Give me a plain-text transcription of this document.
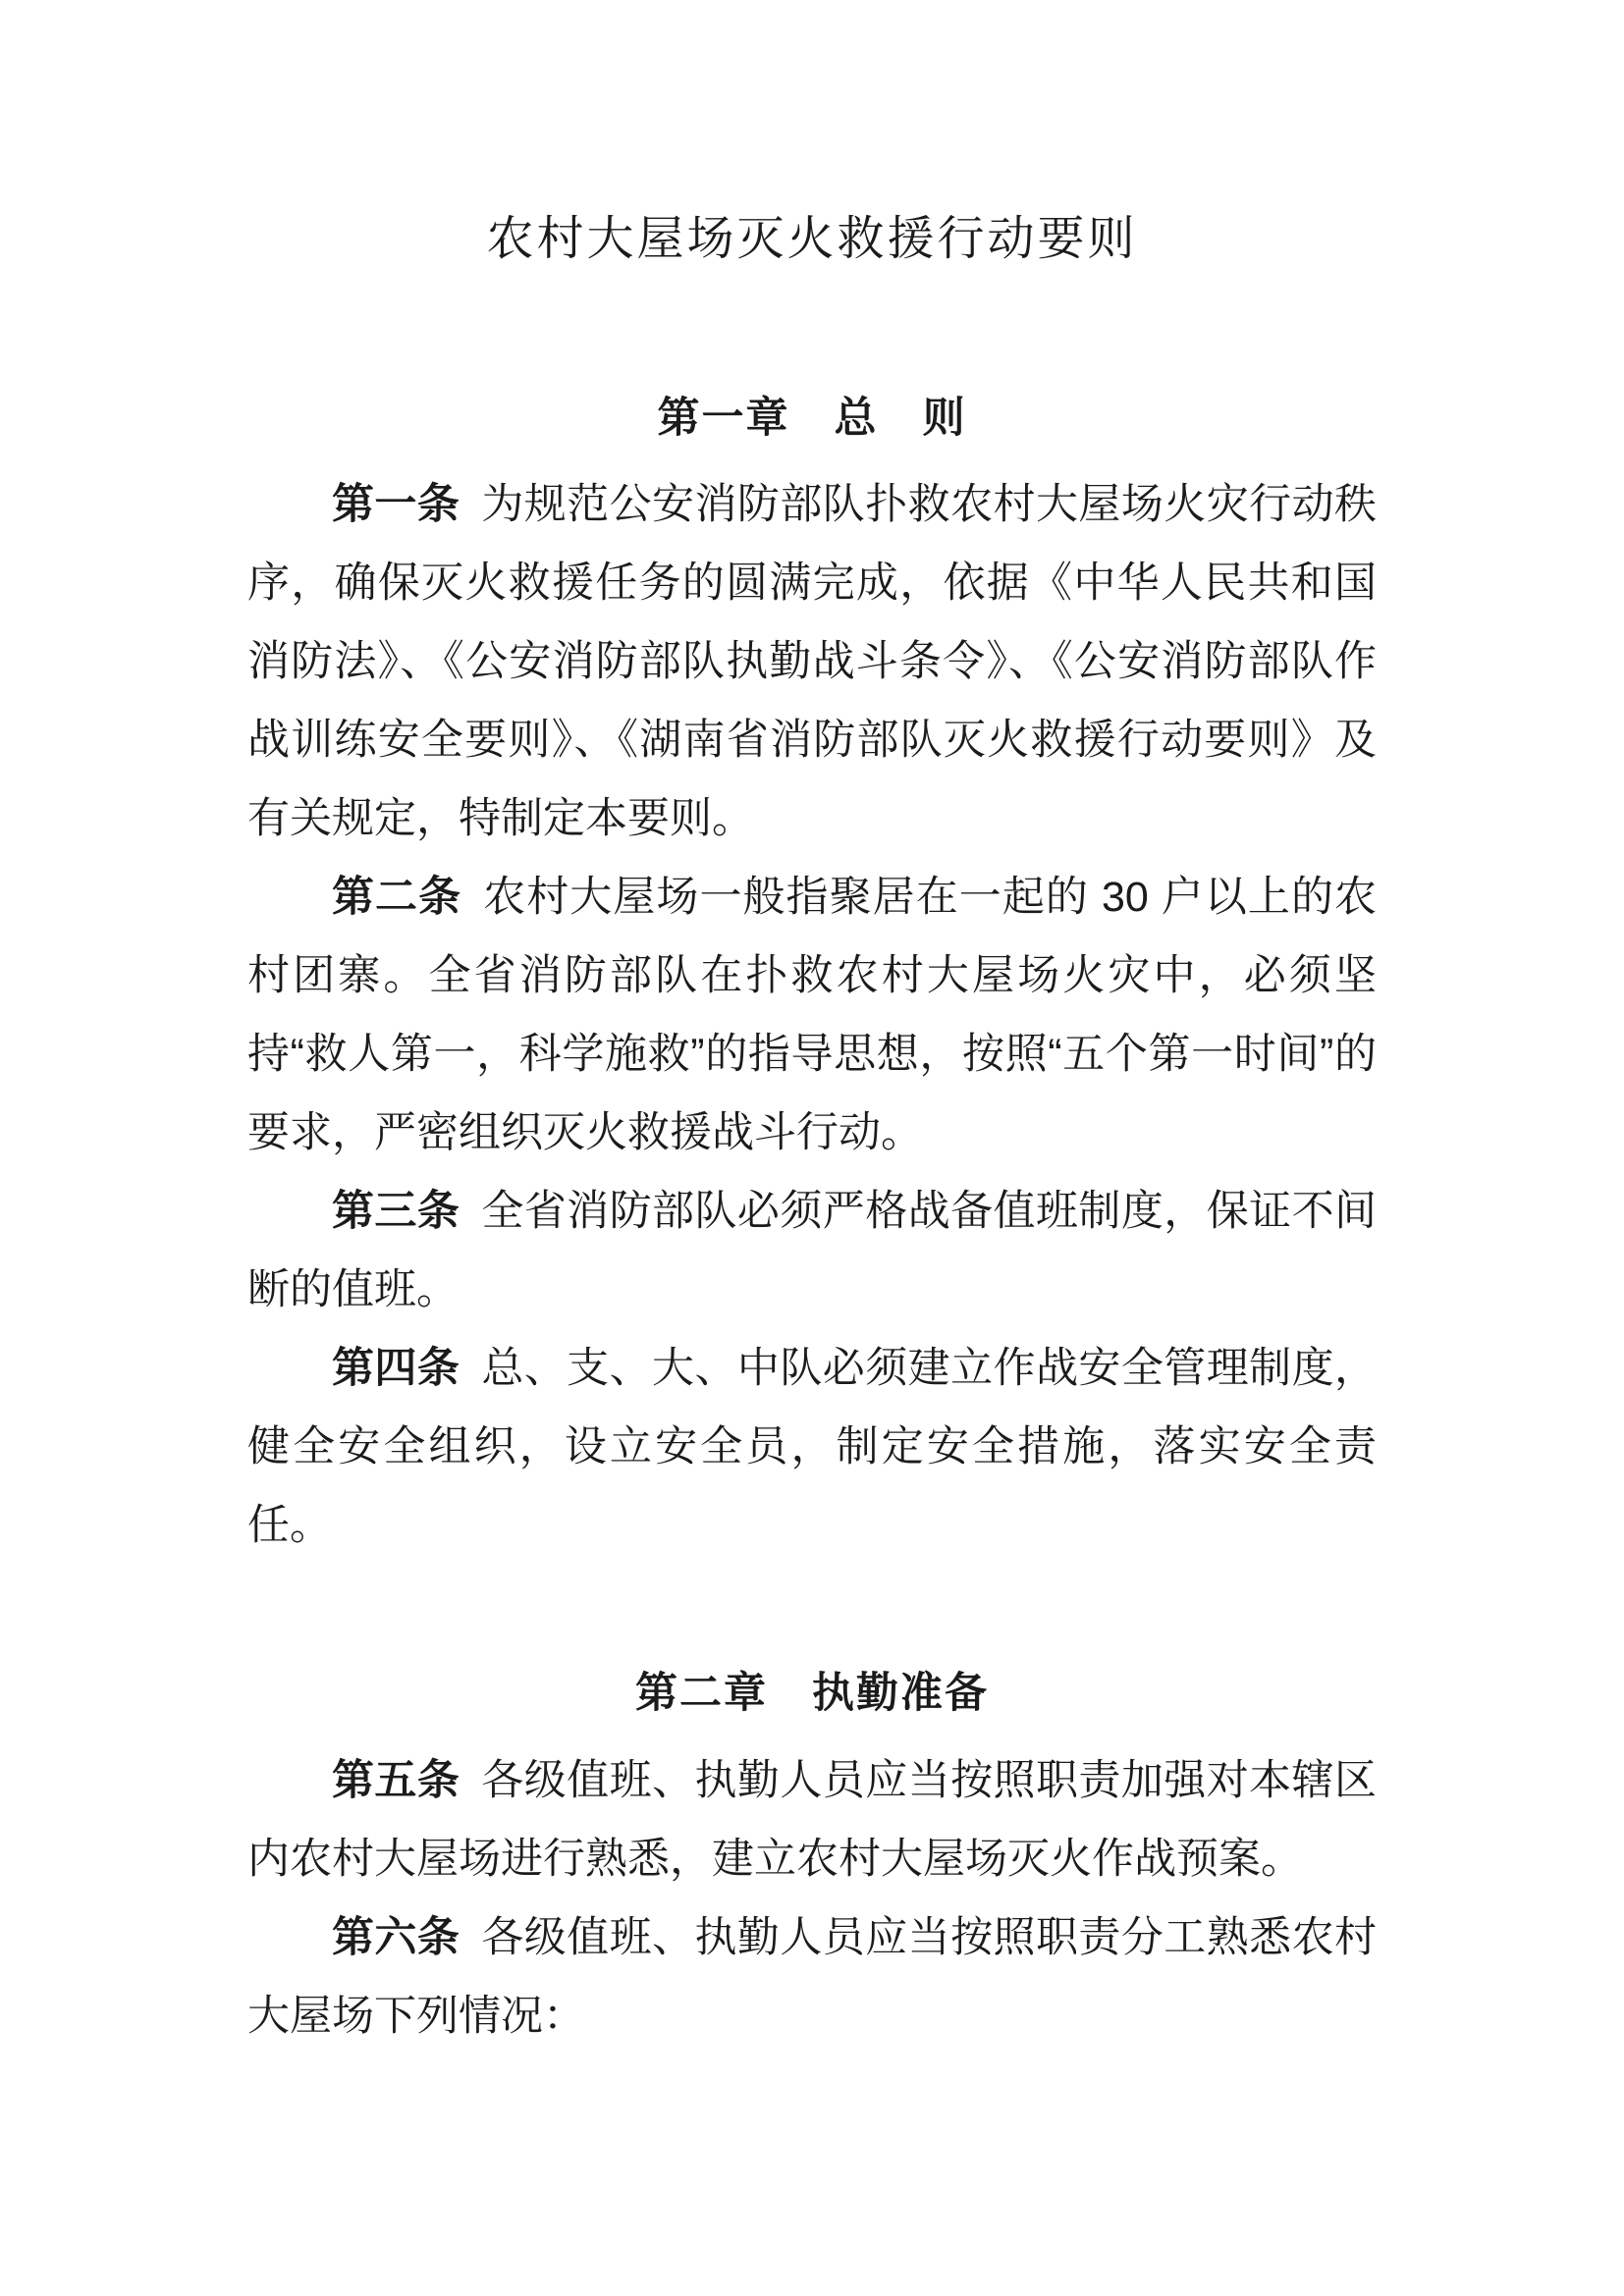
农村大屋场灭火救援行动要则
第一章　总　则

第一条 为规范公安消防部队扑救农村大屋场火灾行动秩序，确保灭火救援任务的圆满完成，依据《中华人民共和国消防法》、《公安消防部队执勤战斗条令》、《公安消防部队作战训练安全要则》、《湖南省消防部队灭火救援行动要则》及有关规定，特制定本要则。

第二条 农村大屋场一般指聚居在一起的 30 户以上的农村团寨。全省消防部队在扑救农村大屋场火灾中，必须坚持“救人第一，科学施救”的指导思想，按照“五个第一时间”的要求，严密组织灭火救援战斗行动。

第三条 全省消防部队必须严格战备值班制度，保证不间断的值班。

第四条 总、支、大、中队必须建立作战安全管理制度，健全安全组织，设立安全员，制定安全措施，落实安全责任。

第二章　执勤准备

第五条 各级值班、执勤人员应当按照职责加强对本辖区内农村大屋场进行熟悉，建立农村大屋场灭火作战预案。

第六条 各级值班、执勤人员应当按照职责分工熟悉农村大屋场下列情况：
